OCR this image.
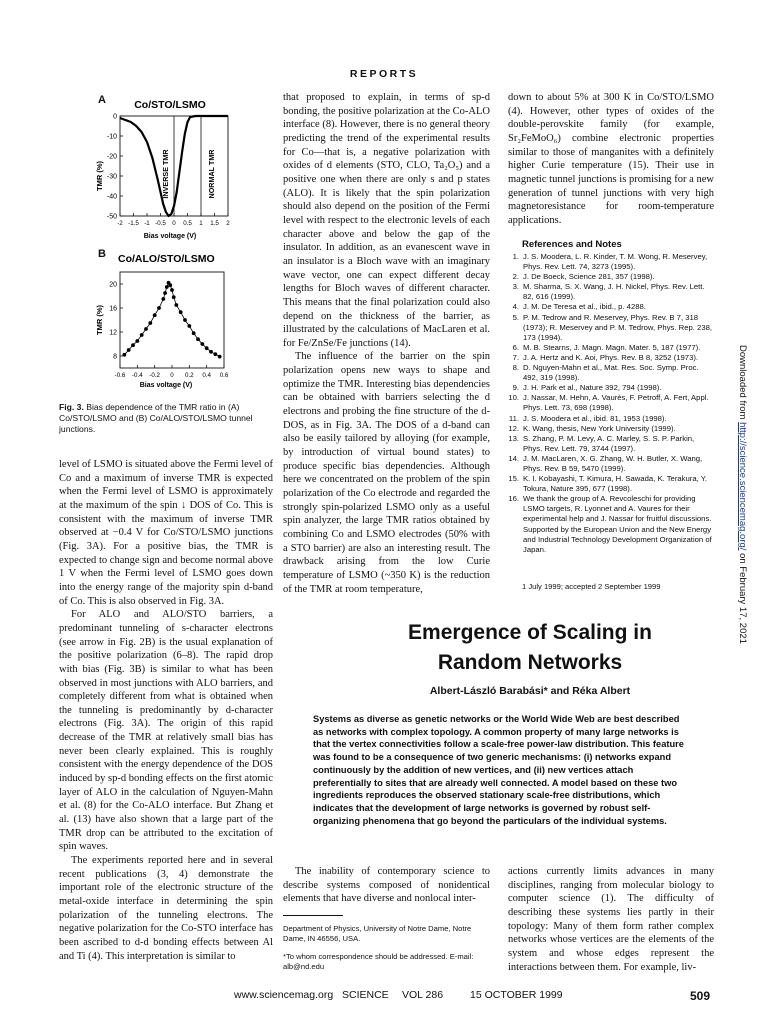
REPORTS
A	Co/STO/LSMO
TMR (%)
-50
-40
-30
-20
-10
0
-2 -1.5 -1 -0.5 0 0.5 1 1.5 2
Bias voltage (V)
INVERSE TMR	NORMAL TMR
B Co/ALO/STO/LSMO
TMR (%)
8
12
16
20
-0.6 -0.4 -0.2 0 0.2 0.4 0.6
Bias voltage (V)
Fig. 3. Bias dependence of the TMR ratio in (A) Co/STO/LSMO and (B) Co/ALO/STO/LSMO tunnel junctions.

level of LSMO is situated above the Fermi level of Co and a maximum of inverse TMR is expected when the Fermi level of LSMO is approximately at the maximum of the spin ↓ DOS of Co. This is consistent with the maximum of inverse TMR observed at −0.4 V for Co/STO/LSMO junctions (Fig. 3A). For a positive bias, the TMR is expected to change sign and become normal above 1 V when the Fermi level of LSMO goes down into the energy range of the majority spin d-band of Co. This is also observed in Fig. 3A.

For ALO and ALO/STO barriers, a predominant tunneling of s-character electrons (see arrow in Fig. 2B) is the usual explanation of the positive polarization (6–8). The rapid drop with bias (Fig. 3B) is similar to what has been observed in most junctions with ALO barriers, and completely different from what is obtained when the tunneling is predominantly by d-character electrons (Fig. 3A). The origin of this rapid decrease of the TMR at relatively small bias has never been clearly explained. This is roughly consistent with the energy dependence of the DOS induced by sp-d bonding effects on the first atomic layer of ALO in the calculation of Nguyen-Mahn et al. (8) for the Co-ALO interface. But Zhang et al. (13) have also shown that a large part of the TMR drop can be attributed to the excitation of spin waves.

The experiments reported here and in several recent publications (3, 4) demonstrate the important role of the electronic structure of the metal-oxide interface in determining the spin polarization of the tunneling electrons. The negative polarization for the Co-STO interface has been ascribed to d-d bonding effects between Al and Ti (4). This interpretation is similar to

that proposed to explain, in terms of sp-d bonding, the positive polarization at the Co-ALO interface (8). However, there is no general theory predicting the trend of the experimental results for Co—that is, a negative polarization with oxides of d elements (STO, CLO, Ta₂O₅) and a positive one when there are only s and p states (ALO). It is likely that the spin polarization should also depend on the position of the Fermi level with respect to the electronic levels of each character above and below the gap of the insulator. In addition, as an evanescent wave in an insulator is a Bloch wave with an imaginary wave vector, one can expect different decay lengths for Bloch waves of different character. This means that the final polarization could also depend on the thickness of the barrier, as illustrated by the calculations of MacLaren et al. for Fe/ZnSe/Fe junctions (14).

The influence of the barrier on the spin polarization opens new ways to shape and optimize the TMR. Interesting bias dependencies can be obtained with barriers selecting the d electrons and probing the fine structure of the d-DOS, as in Fig. 3A. The DOS of a d-band can also be easily tailored by alloying (for example, by introduction of virtual bound states) to produce specific bias dependencies. Although here we concentrated on the problem of the spin polarization of the Co electrode and regarded the strongly spin-polarized LSMO only as a useful spin analyzer, the large TMR ratios obtained by combining Co and LSMO electrodes (50% with a STO barrier) are also an interesting result. The drawback arising from the low Curie temperature of LSMO (~350 K) is the reduction of the TMR at room temperature,

down to about 5% at 300 K in Co/STO/LSMO (4). However, other types of oxides of the double-perovskite family (for example, Sr₂FeMoO₆) combine electronic properties similar to those of manganites with a definitely higher Curie temperature (15). Their use in magnetic tunnel junctions is promising for a new generation of tunnel junctions with very high magnetoresistance for room-temperature applications.

References and Notes
1. J. S. Moodera, L. R. Kinder, T. M. Wong, R. Meservey, Phys. Rev. Lett. 74, 3273 (1995).
2. J. De Boeck, Science 281, 357 (1998).
3. M. Sharma, S. X. Wang, J. H. Nickel, Phys. Rev. Lett. 82, 616 (1999).
4. J. M. De Teresa et al., ibid., p. 4288.
5. P. M. Tedrow and R. Meservey, Phys. Rev. B 7, 318 (1973); R. Meservey and P. M. Tedrow, Phys. Rep. 238, 173 (1994).
6. M. B. Stearns, J. Magn. Magn. Mater. 5, 187 (1977).
7. J. A. Hertz and K. Aoi, Phys. Rev. B 8, 3252 (1973).
8. D. Nguyen-Mahn et al., Mat. Res. Soc. Symp. Proc. 492, 319 (1998).
9. J. H. Park et al., Nature 392, 794 (1998).
10. J. Nassar, M. Hehn, A. Vaurès, F. Petroff, A. Fert, Appl. Phys. Lett. 73, 698 (1998).
11. J. S. Moodera et al., ibid. 81, 1953 (1998).
12. K. Wang, thesis, New York University (1999).
13. S. Zhang, P. M. Levy, A. C. Marley, S. S. P. Parkin, Phys. Rev. Lett. 79, 3744 (1997).
14. J. M. MacLaren, X. G. Zhang, W. H. Butler, X. Wang, Phys. Rev. B 59, 5470 (1999).
15. K. I. Kobayashi, T. Kimura, H. Sawada, K. Terakura, Y. Tokura, Nature 395, 677 (1998).
16. We thank the group of A. Revcoleschi for providing LSMO targets, R. Lyonnet and A. Vaures for their experimental help and J. Nassar for fruitful discussions. Supported by the European Union and the New Energy and Industrial Technology Development Organization of Japan.
1 July 1999; accepted 2 September 1999
Emergence of Scaling in
Random Networks
Albert-László Barabási* and Réka Albert
Systems as diverse as genetic networks or the World Wide Web are best described as networks with complex topology. A common property of many large networks is that the vertex connectivities follow a scale-free power-law distribution. This feature was found to be a consequence of two generic mechanisms: (i) networks expand continuously by the addition of new vertices, and (ii) new vertices attach preferentially to sites that are already well connected. A model based on these two ingredients reproduces the observed stationary scale-free distributions, which indicates that the development of large networks is governed by robust self-organizing phenomena that go beyond the particulars of the individual systems.

The inability of contemporary science to describe systems composed of nonidentical elements that have diverse and nonlocal inter-

Department of Physics, University of Notre Dame, Notre Dame, IN 46556, USA.
*To whom correspondence should be addressed. E-mail: alb@nd.edu

actions currently limits advances in many disciplines, ranging from molecular biology to computer science (1). The difficulty of describing these systems lies partly in their topology: Many of them form rather complex networks whose vertices are the elements of the system and whose edges represent the interactions between them. For example, liv-

www.sciencemag.org SCIENCE VOL 286	15 OCTOBER 1999	509
Downloaded from http://science.sciencemag.org/ on February 17, 2021
